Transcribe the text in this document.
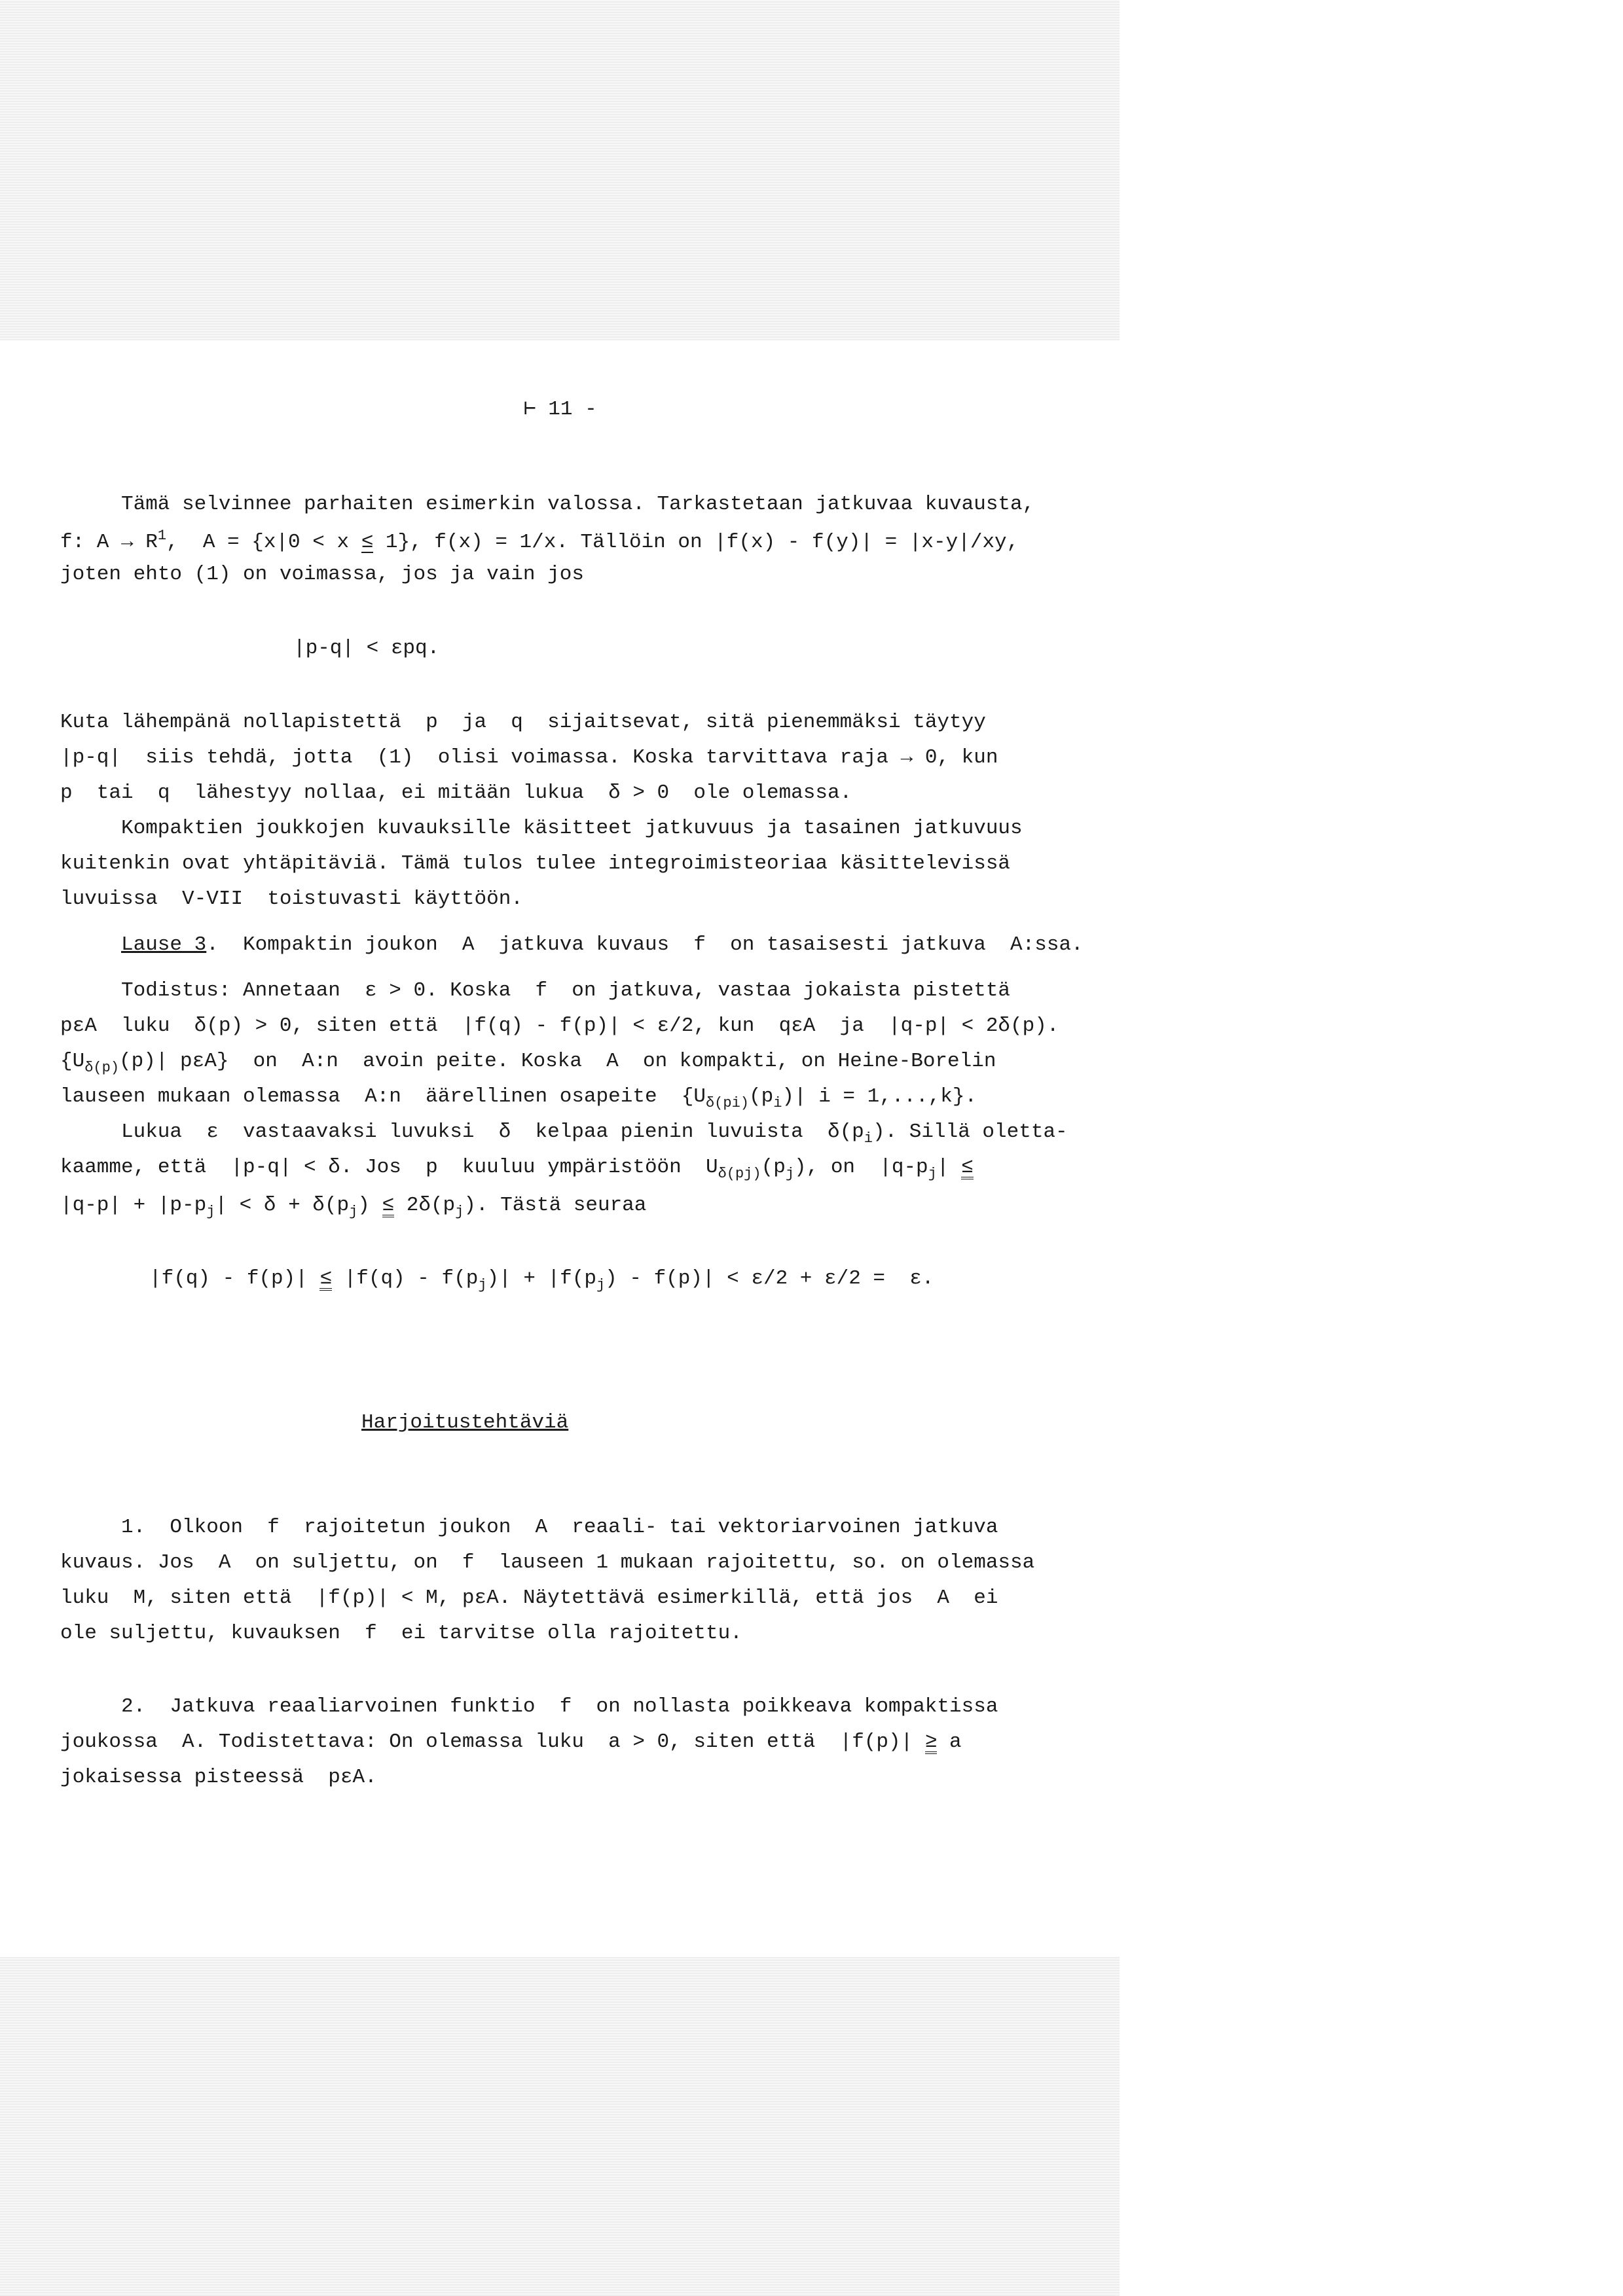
⊢ 11 -
Tämä selvinnee parhaiten esimerkin valossa. Tarkastetaan jatkuvaa kuvausta,
f: $A \to R^1$,  A = {x|0 < x ≤ 1}, f(x) = 1/x. Tällöin on |f(x) - f(y)| = |x-y|/xy,
joten ehto (1) on voimassa, jos ja vain jos
|p-q| < εpq.
Kuta lähempänä nollapistettä  p  ja  q  sijaitsevat, sitä pienemmäksi täytyy
|p-q|  siis tehdä, jotta  (1)  olisi voimassa. Koska tarvittava raja → 0, kun
p  tai  q  lähestyy nollaa, ei mitään lukua  δ > 0  ole olemassa.
Kompaktien joukkojen kuvauksille käsitteet jatkuvuus ja tasainen jatkuvuus
kuitenkin ovat yhtäpitäviä. Tämä tulos tulee integroimisteoriaa käsittelevissä
luvuissa  V-VII  toistuvasti käyttöön.
Lause 3.  Kompaktin joukon  A  jatkuva kuvaus  f  on tasaisesti jatkuva  A:ssa.
Todistus: Annetaan  ε > 0. Koska  f  on jatkuva, vastaa jokaista pistettä
pεA  luku  δ(p) > 0, siten että  |f(q) - f(p)| < ε/2, kun  qεA  ja  |q-p| < 2δ(p).
{$U_{\delta(p)}(p)|$ pεA}  on  A:n  avoin peite. Koska  A  on kompakti, on Heine-Borelin
lauseen mukaan olemassa  A:n  äärellinen osapeite  {$U_{\delta(pi)}(p_i)|$ i = 1,...,k}.
Lukua  ε  vastaavaksi luvuksi  δ  kelpaa pienin luvuista  $\delta(p_i)$. Sillä oletta-
kaamme, että  |p-q| < δ. Jos  p  kuuluu ympäristöön  $U_{\delta(pj)}(p_j)$, on  $|q-p_j|$ ≤
$|q-p| + |p-p_j| < \delta + \delta(p_j) \le 2\delta(p_j)$. Tästä seuraa
$|f(q) - f(p)| \le |f(q) - f(p_j)| + |f(p_j) - f(p)| < \varepsilon/2 + \varepsilon/2 = \varepsilon$.
Harjoitustehtäviä
1.  Olkoon  f  rajoitetun joukon  A  reaali- tai vektoriarvoinen jatkuva
kuvaus. Jos  A  on suljettu, on  f  lauseen 1 mukaan rajoitettu, so. on olemassa
luku  M, siten että  |f(p)| < M, pεA. Näytettävä esimerkillä, että jos  A  ei
ole suljettu, kuvauksen  f  ei tarvitse olla rajoitettu.
2.  Jatkuva reaaliarvoinen funktio  f  on nollasta poikkeava kompaktissa
joukossa  A. Todistettava: On olemassa luku  a > 0, siten että  |f(p)| ≥ a
jokaisessa pisteessä  pεA.
